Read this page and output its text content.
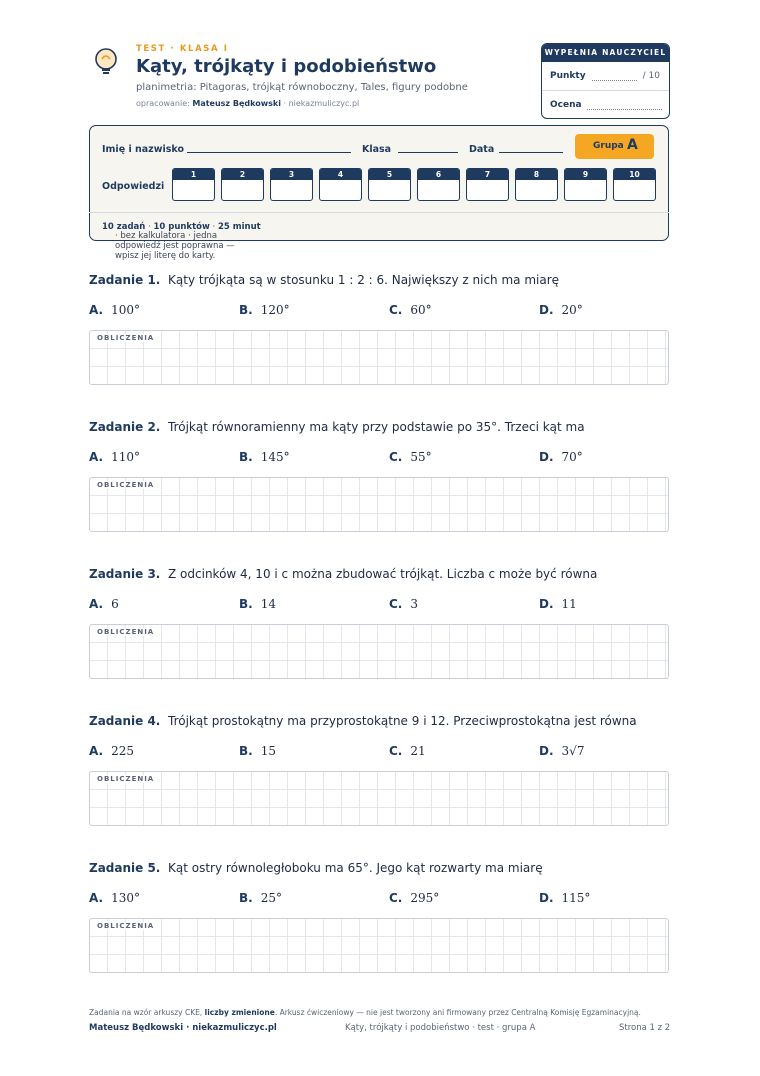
TEST · KLASA I
Kąty, trójkąty i podobieństwo
planimetria: Pitagoras, trójkąt równoboczny, Tales, figury podobne
opracowanie: Mateusz Będkowski · niekazmuliczyc.pl
WYPEŁNIA NAUCZYCIEL
Punkty	/ 10
Ocena
Imię i nazwisko	Klasa	Data	Grupa A
Odpowiedzi
1	2	3	4	5	6	7	8	9	10
10 zadań · 10 punktów · 25 minut
· bez kalkulatora · jedna odpowiedź jest poprawna — wpisz jej literę do karty.
Zadanie 1. Kąty trójkąta są w stosunku 1 : 2 : 6. Największy z nich ma miarę
A. 100°	B. 120°	C. 60°	D. 20°
OBLICZENIA
Zadanie 2. Trójkąt równoramienny ma kąty przy podstawie po 35°. Trzeci kąt ma
A. 110°	B. 145°	C. 55°	D. 70°
OBLICZENIA
Zadanie 3. Z odcinków 4, 10 i c można zbudować trójkąt. Liczba c może być równa
A. 6	B. 14	C. 3	D. 11
OBLICZENIA
Zadanie 4. Trójkąt prostokątny ma przyprostokątne 9 i 12. Przeciwprostokątna jest równa
A. 225	B. 15	C. 21	D. 3√7
OBLICZENIA
Zadanie 5. Kąt ostry równoległoboku ma 65°. Jego kąt rozwarty ma miarę
A. 130°	B. 25°	C. 295°	D. 115°
OBLICZENIA
Zadania na wzór arkuszy CKE, liczby zmienione. Arkusz ćwiczeniowy — nie jest tworzony ani firmowany przez Centralną Komisję Egzaminacyjną.
Mateusz Będkowski · niekazmuliczyc.pl	Kąty, trójkąty i podobieństwo · test · grupa A	Strona 1 z 2
